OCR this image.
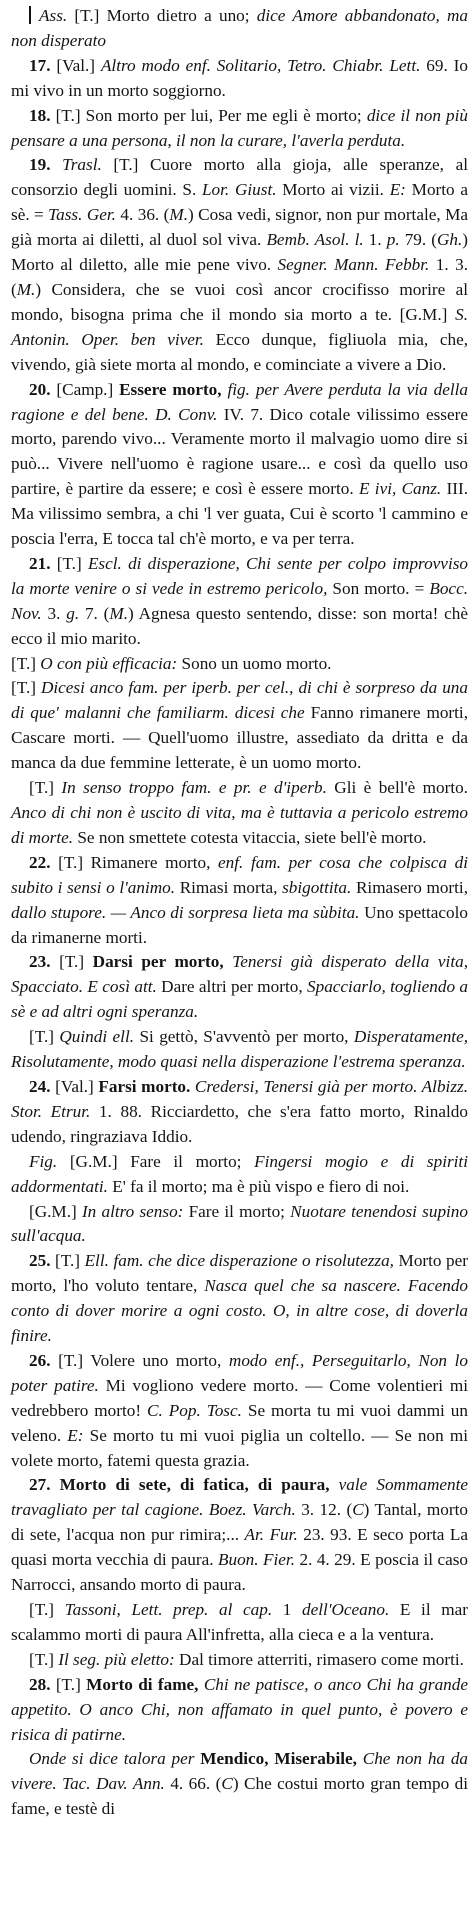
Ass. [T.] Morto dietro a uno; dice Amore abbandonato, ma non disperato

17. [Val.] Altro modo enf. Solitario, Tetro. Chiabr. Lett. 69. Io mi vivo in un morto soggiorno.

18. [T.] Son morto per lui, Per me egli è morto; dice il non più pensare a una persona, il non la curare, l'averla perduta.

19. Trasl. [T.] Cuore morto alla gioja, alle speranze, al consorzio degli uomini. S. Lor. Giust. Morto ai vizii. E: Morto a sè. = Tass. Ger. 4. 36. (M.) Cosa vedi, signor, non pur mortale, Ma già morta ai diletti, al duol sol viva. Bemb. Asol. l. 1. p. 79. (Gh.) Morto al diletto, alle mie pene vivo. Segner. Mann. Febbr. 1. 3. (M.) Considera, che se vuoi così ancor crocifisso morire al mondo, bisogna prima che il mondo sia morto a te. [G.M.] S. Antonin. Oper. ben viver. Ecco dunque, figliuola mia, che, vivendo, già siete morta al mondo, e cominciate a vivere a Dio.

20. [Camp.] Essere morto, fig. per Avere perduta la via della ragione e del bene. D. Conv. IV. 7. Dico cotale vilissimo essere morto, parendo vivo... Veramente morto il malvagio uomo dire si può... Vivere nell'uomo è ragione usare... e così da quello uso partire, è partire da essere; e così è essere morto. E ivi, Canz. III. Ma vilissimo sembra, a chi 'l ver guata, Cui è scorto 'l cammino e poscia l'erra, E tocca tal ch'è morto, e va per terra.

21. [T.] Escl. di disperazione, Chi sente per colpo improvviso la morte venire o si vede in estremo pericolo, Son morto. = Bocc. Nov. 3. g. 7. (M.) Agnesa questo sentendo, disse: son morta! chè ecco il mio marito.

[T.] O con più efficacia: Sono un uomo morto.

[T.] Dicesi anco fam. per iperb. per cel., di chi è sorpreso da una di que' malanni che familiarm. dicesi che Fanno rimanere morti, Cascare morti. — Quell'uomo illustre, assediato da dritta e da manca da due femmine letterate, è un uomo morto.

[T.] In senso troppo fam. e pr. e d'iperb. Gli è bell'è morto. Anco di chi non è uscito di vita, ma è tuttavia a pericolo estremo di morte. Se non smettete cotesta vitaccia, siete bell'è morto.

22. [T.] Rimanere morto, enf. fam. per cosa che colpisca di subito i sensi o l'animo. Rimasi morta, sbigottita. Rimasero morti, dallo stupore. — Anco di sorpresa lieta ma sùbita. Uno spettacolo da rimanerne morti.

23. [T.] Darsi per morto, Tenersi già disperato della vita, Spacciato. E così att. Dare altri per morto, Spacciarlo, togliendo a sè e ad altri ogni speranza.

[T.] Quindi ell. Si gettò, S'avventò per morto, Disperatamente, Risolutamente, modo quasi nella disperazione l'estrema speranza.

24. [Val.] Farsi morto. Credersi, Tenersi già per morto. Albizz. Stor. Etrur. 1. 88. Ricciardetto, che s'era fatto morto, Rinaldo udendo, ringraziava Iddio.

Fig. [G.M.] Fare il morto; Fingersi mogio e di spiriti addormentati. E' fa il morto; ma è più vispo e fiero di noi.

[G.M.] In altro senso: Fare il morto; Nuotare tenendosi supino sull'acqua.

25. [T.] Ell. fam. che dice disperazione o risolutezza, Morto per morto, l'ho voluto tentare, Nasca quel che sa nascere. Facendo conto di dover morire a ogni costo. O, in altre cose, di doverla finire.

26. [T.] Volere uno morto, modo enf., Perseguitarlo, Non lo poter patire. Mi vogliono vedere morto. — Come volentieri mi vedrebbero morto! C. Pop. Tosc. Se morta tu mi vuoi dammi un veleno. E: Se morto tu mi vuoi piglia un coltello. — Se non mi volete morto, fatemi questa grazia.

27. Morto di sete, di fatica, di paura, vale Sommamente travagliato per tal cagione. Boez. Varch. 3. 12. (C) Tantal, morto di sete, l'acqua non pur rimira;... Ar. Fur. 23. 93. E seco porta La quasi morta vecchia di paura. Buon. Fier. 2. 4. 29. E poscia il caso Narrocci, ansando morto di paura.

[T.] Tassoni, Lett. prep. al cap. 1 dell'Oceano. E il mar scalammo morti di paura All'infretta, alla cieca e a la ventura.

[T.] Il seg. più eletto: Dal timore atterriti, rimasero come morti.

28. [T.] Morto di fame, Chi ne patisce, o anco Chi ha grande appetito. O anco Chi, non affamato in quel punto, è povero e risica di patirne.

Onde si dice talora per Mendico, Miserabile, Che non ha da vivere. Tac. Dav. Ann. 4. 66. (C) Che costui morto gran tempo di fame, e testè di
